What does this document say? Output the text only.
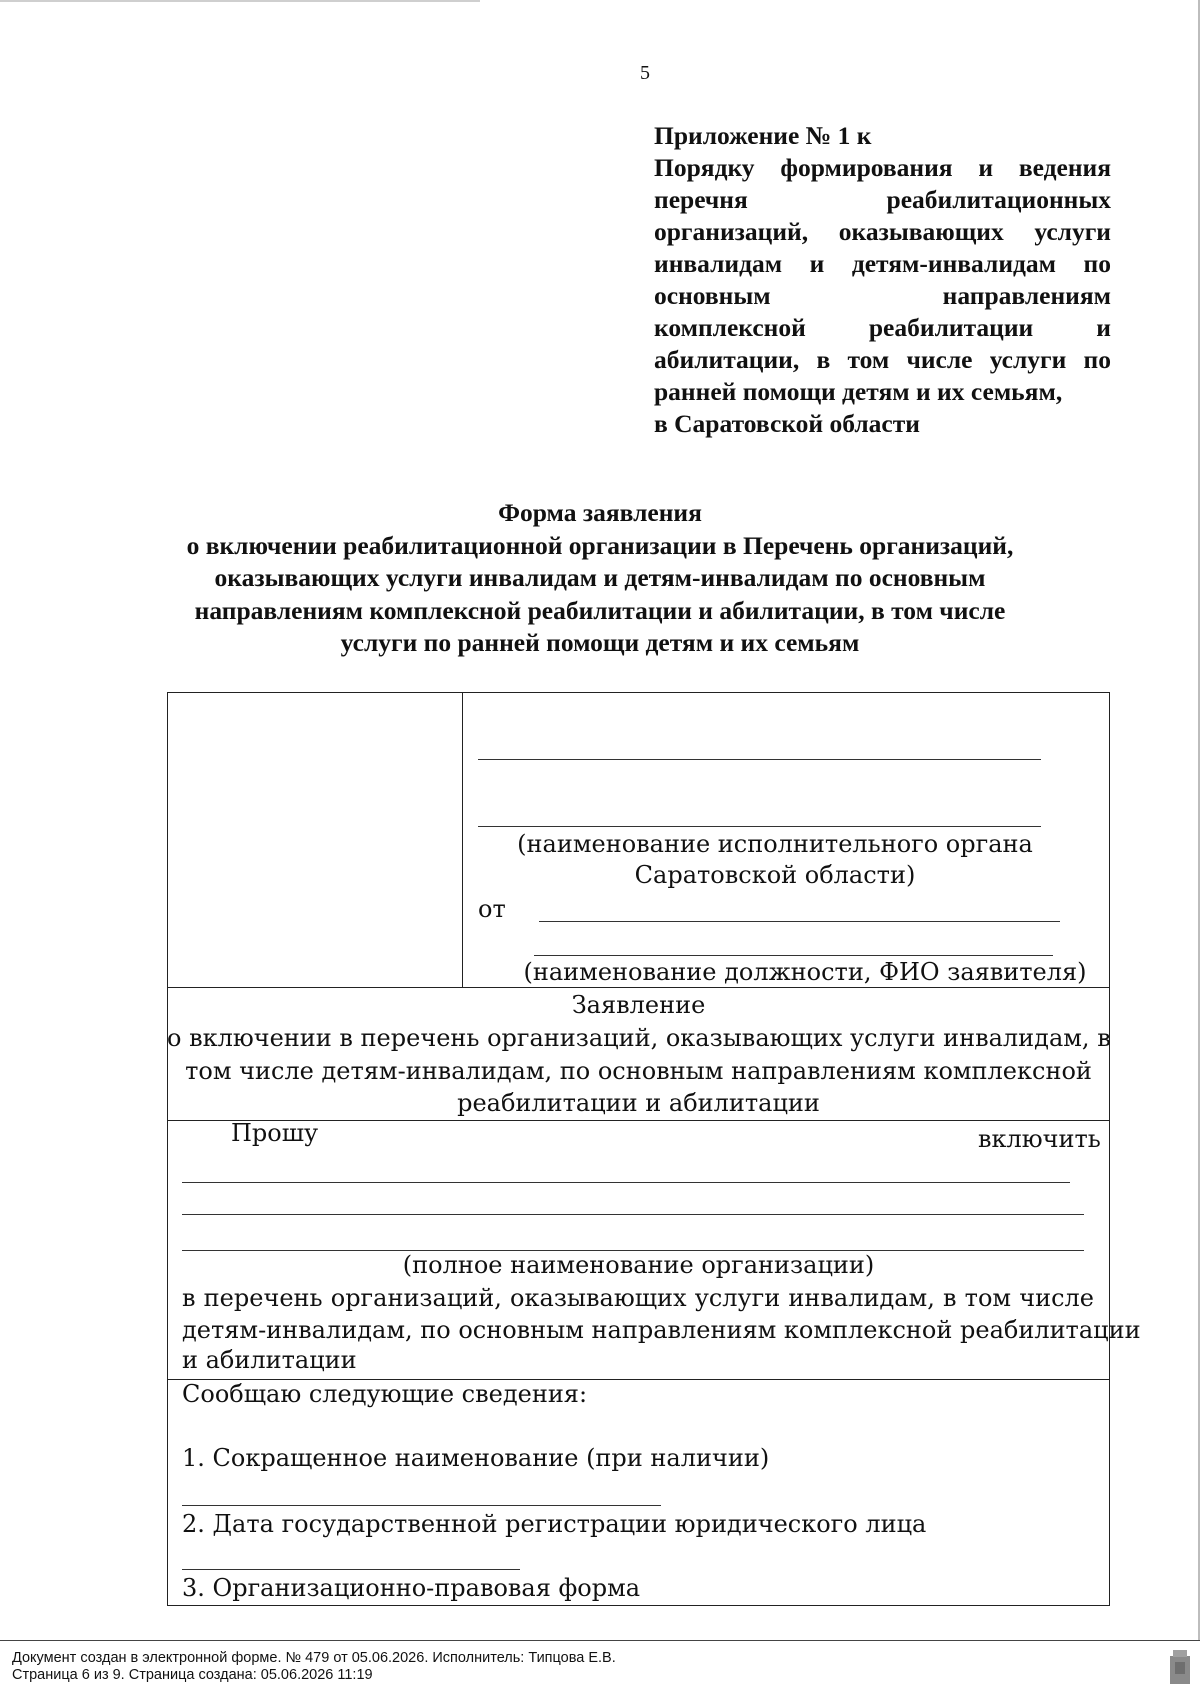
5
Приложение № 1 к
Порядку формирования и ведения
перечня реабилитационных
организаций, оказывающих услуги
инвалидам и детям-инвалидам по
основным направлениям
комплексной реабилитации и
абилитации, в том числе услуги по
ранней помощи детям и их семьям,
в Саратовской области
Форма заявления
о включении реабилитационной организации в Перечень организаций,
оказывающих услуги инвалидам и детям-инвалидам по основным
направлениям комплексной реабилитации и абилитации, в том числе
услуги по ранней помощи детям и их семьям
(наименование исполнительного органа
Саратовской области)
от
(наименование должности, ФИО заявителя)
Заявление
о включении в перечень организаций, оказывающих услуги инвалидам, в
том числе детям-инвалидам, по основным направлениям комплексной
реабилитации и абилитации
Прошу	включить
(полное наименование организации)
в перечень организаций, оказывающих услуги инвалидам, в том числе
детям-инвалидам, по основным направлениям комплексной реабилитации
и абилитации
Сообщаю следующие сведения:
1. Сокращенное наименование (при наличии)
2. Дата государственной регистрации юридического лица
3. Организационно-правовая форма
Документ создан в электронной форме. № 479 от 05.06.2026. Исполнитель: Типцова Е.В.
Страница 6 из 9. Страница создана: 05.06.2026 11:19
